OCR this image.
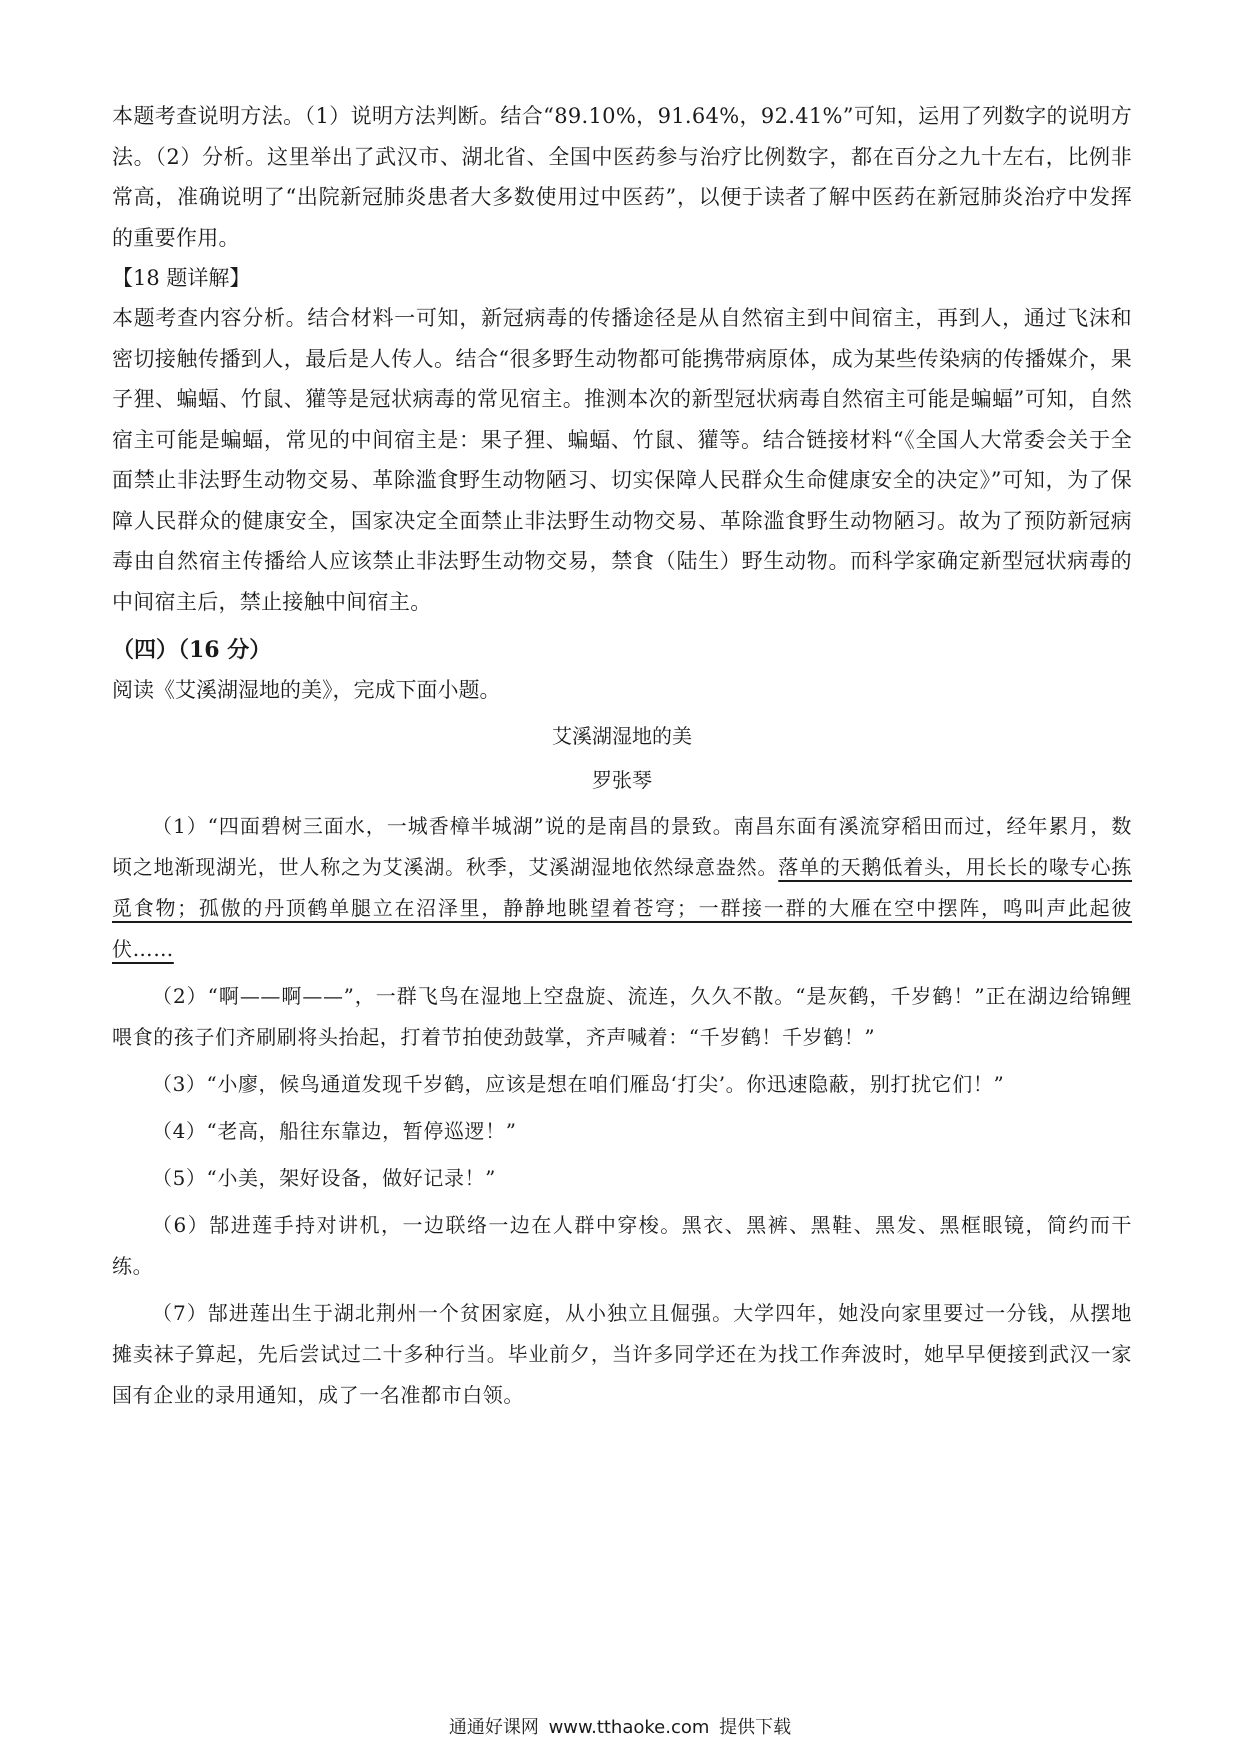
本题考查说明方法。（1）说明方法判断。结合“89.10%，91.64%，92.41%”可知，运用了列数字的说明方法。（2）分析。这里举出了武汉市、湖北省、全国中医药参与治疗比例数字，都在百分之九十左右，比例非常高，准确说明了“出院新冠肺炎患者大多数使用过中医药”，以便于读者了解中医药在新冠肺炎治疗中发挥的重要作用。

【18 题详解】

本题考查内容分析。结合材料一可知，新冠病毒的传播途径是从自然宿主到中间宿主，再到人，通过飞沫和密切接触传播到人，最后是人传人。结合“很多野生动物都可能携带病原体，成为某些传染病的传播媒介，果子狸、蝙蝠、竹鼠、獾等是冠状病毒的常见宿主。推测本次的新型冠状病毒自然宿主可能是蝙蝠”可知，自然宿主可能是蝙蝠，常见的中间宿主是：果子狸、蝙蝠、竹鼠、獾等。结合链接材料“《全国人大常委会关于全面禁止非法野生动物交易、革除滥食野生动物陋习、切实保障人民群众生命健康安全的决定》”可知，为了保障人民群众的健康安全，国家决定全面禁止非法野生动物交易、革除滥食野生动物陋习。故为了预防新冠病毒由自然宿主传播给人应该禁止非法野生动物交易，禁食（陆生）野生动物。而科学家确定新型冠状病毒的中间宿主后，禁止接触中间宿主。

（四）（16 分）

阅读《艾溪湖湿地的美》，完成下面小题。

艾溪湖湿地的美

罗张琴

（1）“四面碧树三面水，一城香樟半城湖”说的是南昌的景致。南昌东面有溪流穿稻田而过，经年累月，数顷之地渐现湖光，世人称之为艾溪湖。秋季，艾溪湖湿地依然绿意盎然。落单的天鹅低着头，用长长的喙专心拣觅食物；孤傲的丹顶鹤单腿立在沼泽里，静静地眺望着苍穹；一群接一群的大雁在空中摆阵，鸣叫声此起彼伏……

（2）“啊——啊——”，一群飞鸟在湿地上空盘旋、流连，久久不散。“是灰鹤，千岁鹤！”正在湖边给锦鲤喂食的孩子们齐刷刷将头抬起，打着节拍使劲鼓掌，齐声喊着：“千岁鹤！千岁鹤！”

（3）“小廖，候鸟通道发现千岁鹤，应该是想在咱们雁岛‘打尖’。你迅速隐蔽，别打扰它们！”

（4）“老高，船往东靠边，暂停巡逻！”

（5）“小美，架好设备，做好记录！”

（6）郜进莲手持对讲机，一边联络一边在人群中穿梭。黑衣、黑裤、黑鞋、黑发、黑框眼镜，简约而干练。

（7）郜进莲出生于湖北荆州一个贫困家庭，从小独立且倔强。大学四年，她没向家里要过一分钱，从摆地摊卖袜子算起，先后尝试过二十多种行当。毕业前夕，当许多同学还在为找工作奔波时，她早早便接到武汉一家国有企业的录用通知，成了一名准都市白领。

通通好课网 www.tthaoke.com 提供下载
